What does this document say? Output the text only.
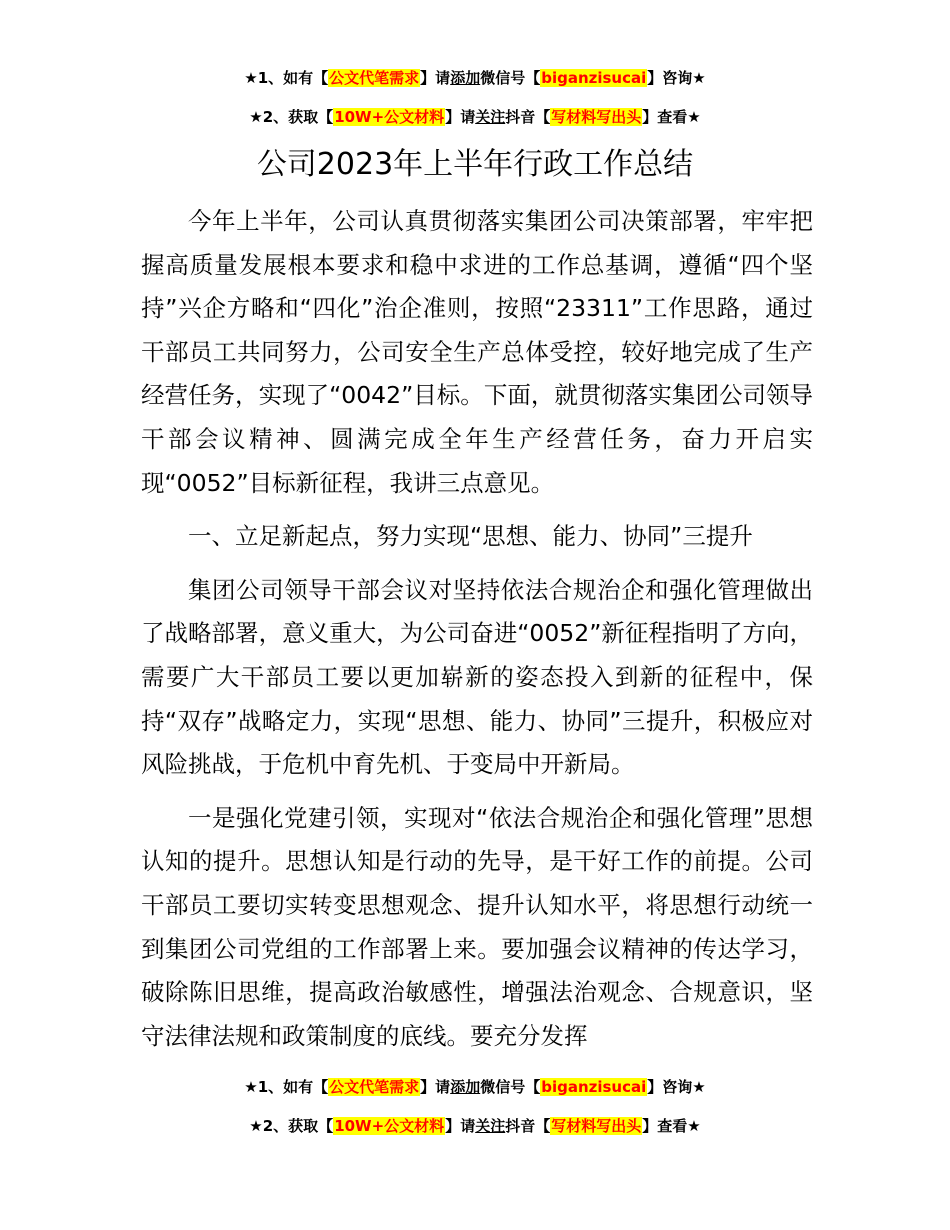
★1、如有【公文代笔需求】请添加微信号【biganzisucai】咨询★
★2、获取【10W+公文材料】请关注抖音【写材料写出头】查看★
公司2023年上半年行政工作总结

今年上半年，公司认真贯彻落实集团公司决策部署，牢牢把握高质量发展根本要求和稳中求进的工作总基调，遵循“四个坚持”兴企方略和“四化”治企准则，按照“23311”工作思路，通过干部员工共同努力，公司安全生产总体受控，较好地完成了生产经营任务，实现了“0042”目标。下面，就贯彻落实集团公司领导干部会议精神、圆满完成全年生产经营任务，奋力开启实现“0052”目标新征程，我讲三点意见。

一、立足新起点，努力实现“思想、能力、协同”三提升

集团公司领导干部会议对坚持依法合规治企和强化管理做出了战略部署，意义重大，为公司奋进“0052”新征程指明了方向，需要广大干部员工要以更加崭新的姿态投入到新的征程中，保持“双存”战略定力，实现“思想、能力、协同”三提升，积极应对风险挑战，于危机中育先机、于变局中开新局。

一是强化党建引领，实现对“依法合规治企和强化管理”思想认知的提升。思想认知是行动的先导，是干好工作的前提。公司干部员工要切实转变思想观念、提升认知水平，将思想行动统一到集团公司党组的工作部署上来。要加强会议精神的传达学习，破除陈旧思维，提高政治敏感性，增强法治观念、合规意识，坚守法律法规和政策制度的底线。要充分发挥

★1、如有【公文代笔需求】请添加微信号【biganzisucai】咨询★
★2、获取【10W+公文材料】请关注抖音【写材料写出头】查看★
